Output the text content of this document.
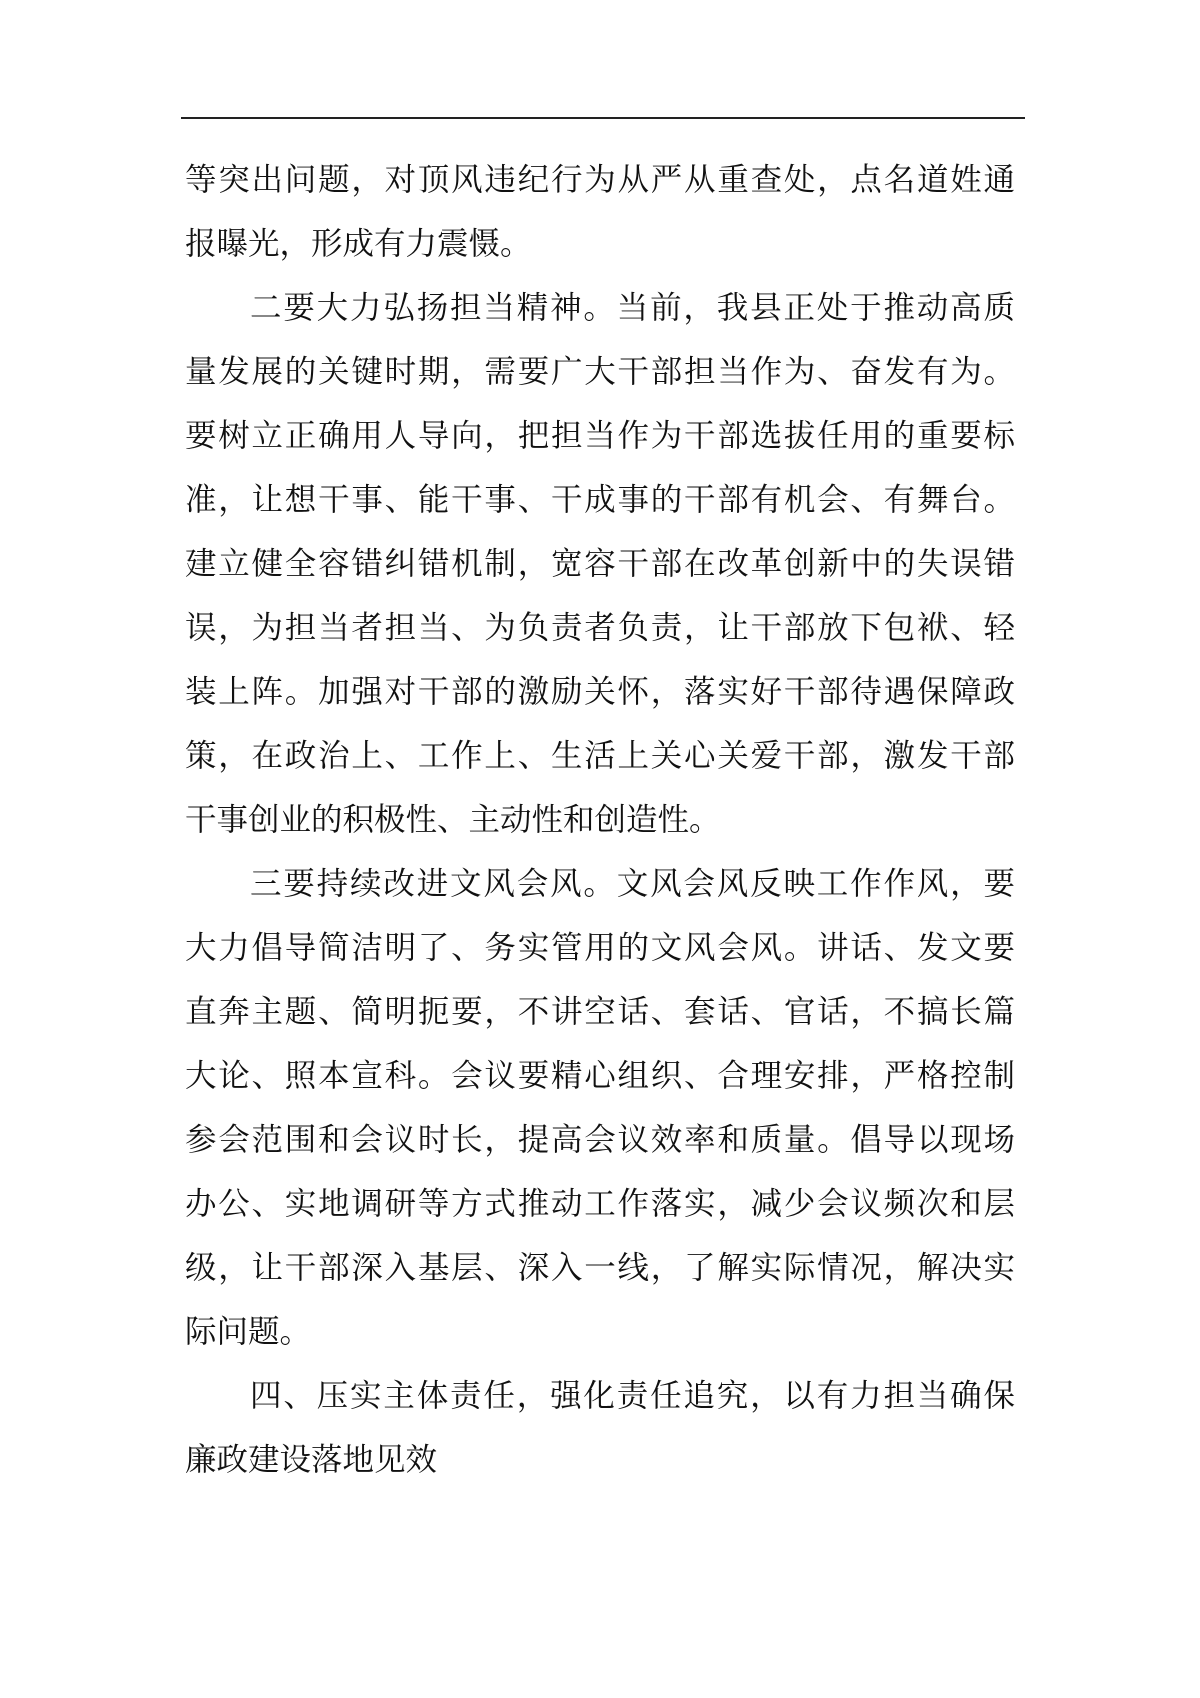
等突出问题，对顶风违纪行为从严从重查处，点名道姓通
报曝光，形成有力震慑。
二要大力弘扬担当精神。当前，我县正处于推动高质
量发展的关键时期，需要广大干部担当作为、奋发有为。
要树立正确用人导向，把担当作为干部选拔任用的重要标
准，让想干事、能干事、干成事的干部有机会、有舞台。
建立健全容错纠错机制，宽容干部在改革创新中的失误错
误，为担当者担当、为负责者负责，让干部放下包袱、轻
装上阵。加强对干部的激励关怀，落实好干部待遇保障政
策，在政治上、工作上、生活上关心关爱干部，激发干部
干事创业的积极性、主动性和创造性。
三要持续改进文风会风。文风会风反映工作作风，要
大力倡导简洁明了、务实管用的文风会风。讲话、发文要
直奔主题、简明扼要，不讲空话、套话、官话，不搞长篇
大论、照本宣科。会议要精心组织、合理安排，严格控制
参会范围和会议时长，提高会议效率和质量。倡导以现场
办公、实地调研等方式推动工作落实，减少会议频次和层
级，让干部深入基层、深入一线，了解实际情况，解决实
际问题。
四、压实主体责任，强化责任追究，以有力担当确保
廉政建设落地见效
